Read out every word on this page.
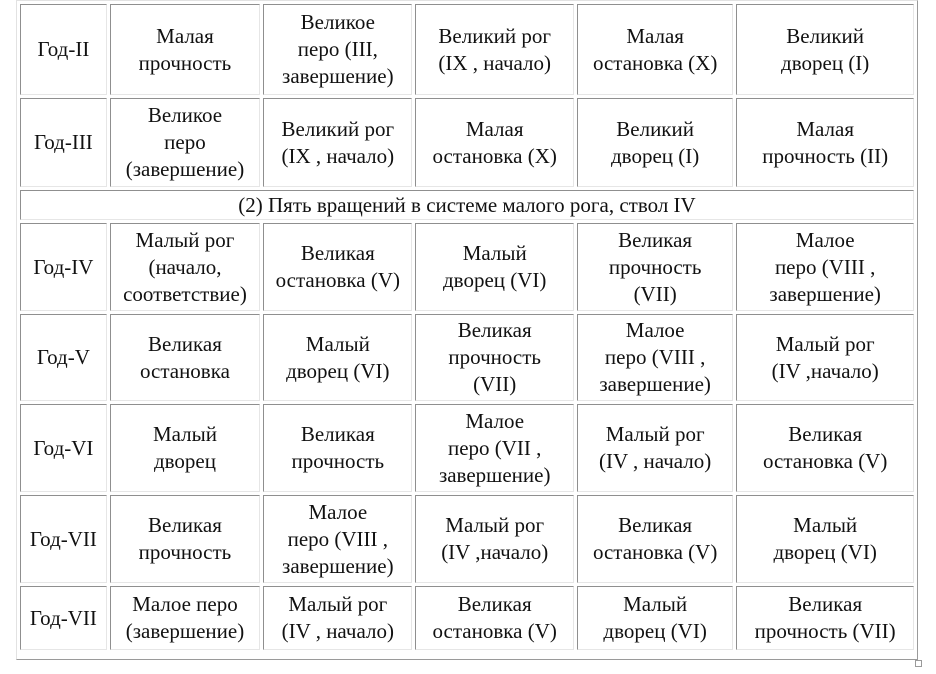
Год-II	Малая
прочность	Великое
перо (III,
завершение)	Великий рог
(IX , начало)	Малая
остановка (X)	Великий
дворец (I)
Год-III	Великое
перо
(завершение)	Великий рог
(IX , начало)	Малая
остановка (X)	Великий
дворец (I)	Малая
прочность (II)
(2) Пять вращений в системе малого рога, ствол IV					
Год-IV	Малый рог
(начало,
соответствие)	Великая
остановка (V)	Малый
дворец (VI)	Великая
прочность
(VII)	Малое
перо (VIII ,
завершение)
Год-V	Великая
остановка	Малый
дворец (VI)	Великая
прочность
(VII)	Малое
перо (VIII ,
завершение)	Малый рог
(IV ,начало)
Год-VI	Малый
дворец	Великая
прочность	Малое
перо (VII ,
завершение)	Малый рог
(IV , начало)	Великая
остановка (V)
Год-VII	Великая
прочность	Малое
перо (VIII ,
завершение)	Малый рог
(IV ,начало)	Великая
остановка (V)	Малый
дворец (VI)
Год-VII	Малое перо
(завершение)	Малый рог
(IV , начало)	Великая
остановка (V)	Малый
дворец (VI)	Великая
прочность (VII)
